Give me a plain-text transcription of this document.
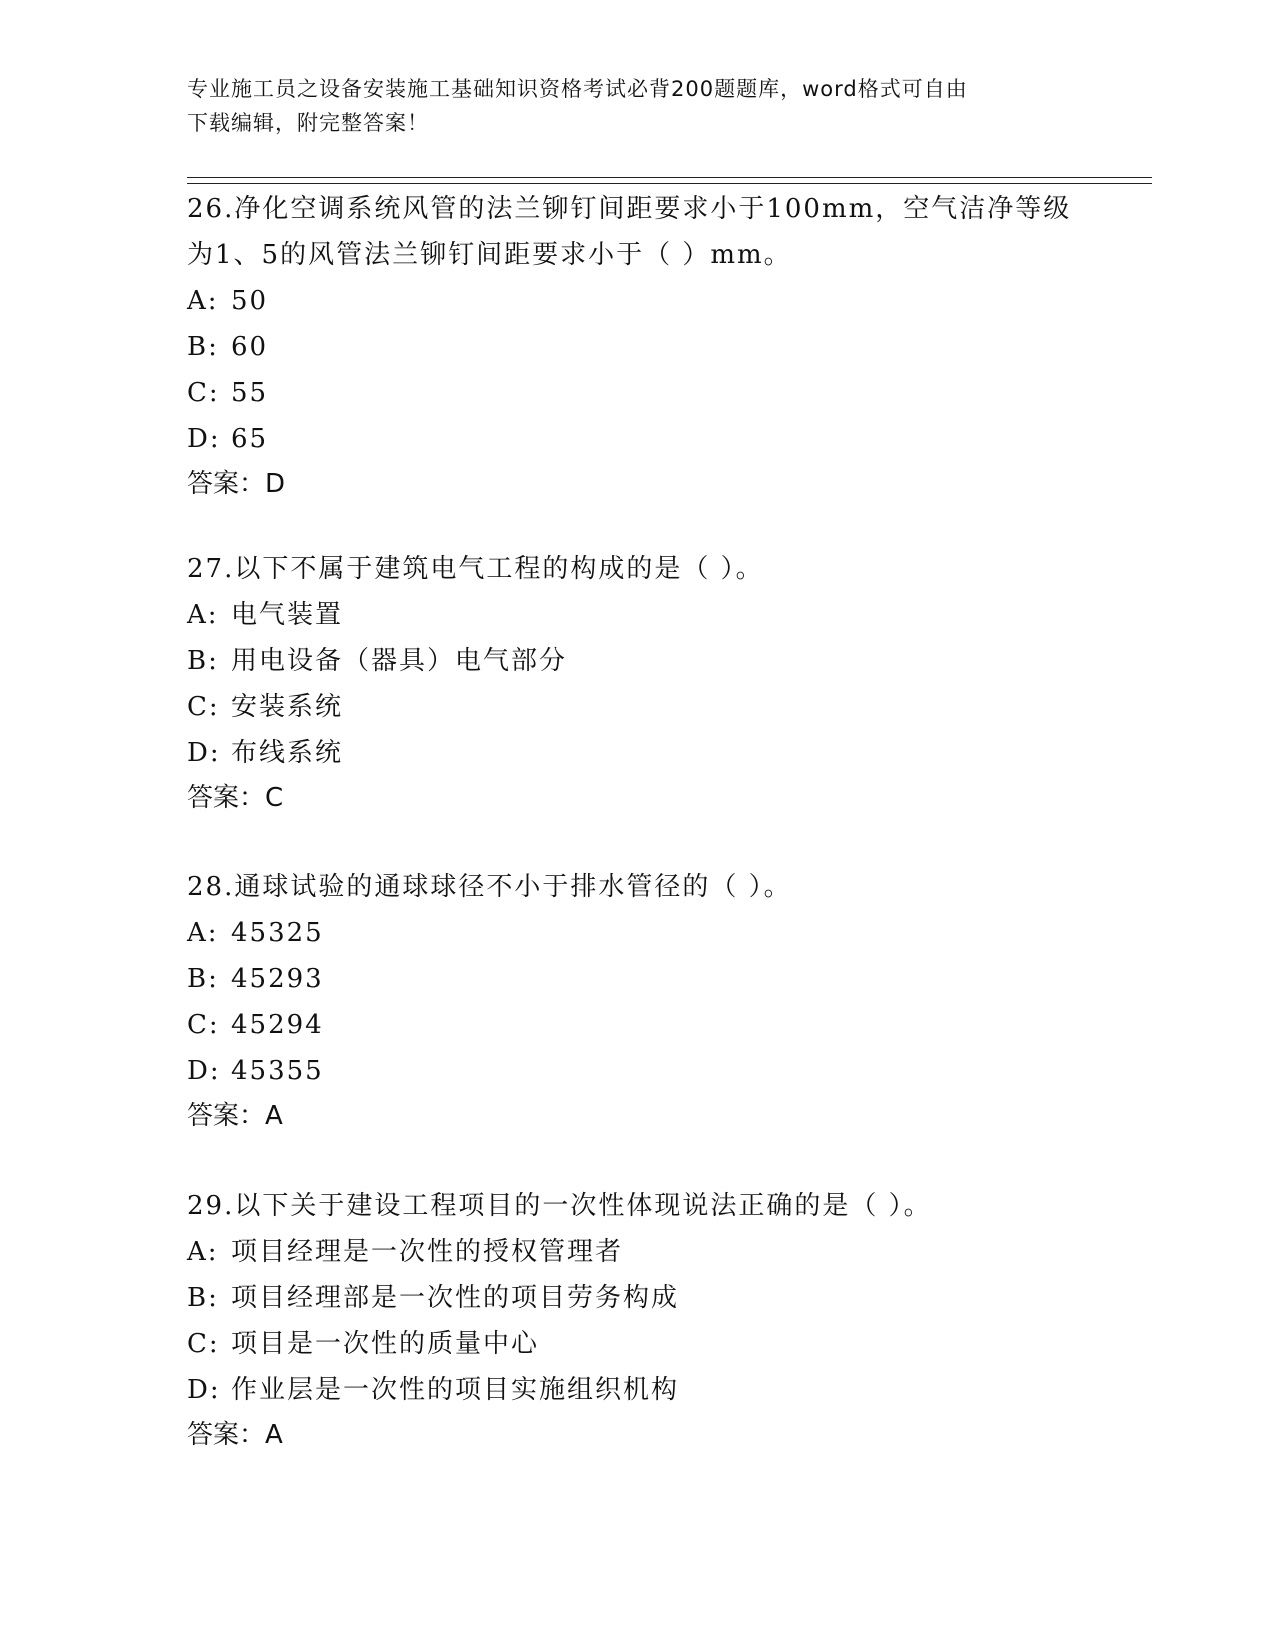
专业施工员之设备安装施工基础知识资格考试必背200题题库，word格式可自由
下载编辑，附完整答案！

26.净化空调系统风管的法兰铆钉间距要求小于100mm，空气洁净等级

为1、5的风管法兰铆钉间距要求小于（ ）mm。

A: 50

B: 60

C: 55

D: 65

答案：D

27.以下不属于建筑电气工程的构成的是（ ）。

A: 电气装置

B: 用电设备（器具）电气部分

C: 安装系统

D: 布线系统

答案：C

28.通球试验的通球球径不小于排水管径的（ ）。

A: 45325

B: 45293

C: 45294

D: 45355

答案：A

29.以下关于建设工程项目的一次性体现说法正确的是（ ）。

A: 项目经理是一次性的授权管理者

B: 项目经理部是一次性的项目劳务构成

C: 项目是一次性的质量中心

D: 作业层是一次性的项目实施组织机构

答案：A
